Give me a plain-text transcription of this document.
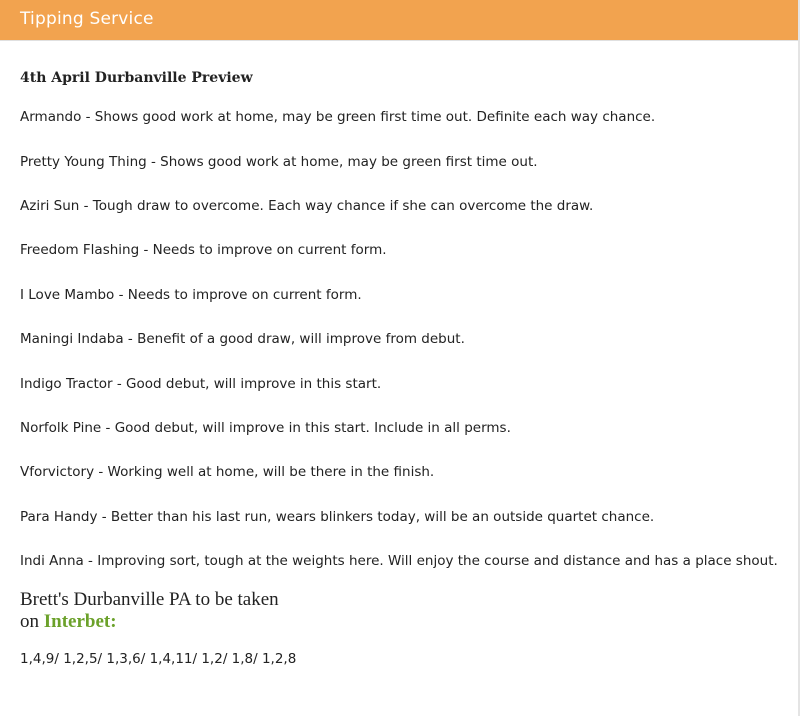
Tipping Service
4th April Durbanville Preview
Armando - Shows good work at home, may be green first time out. Definite each way chance.
Pretty Young Thing - Shows good work at home, may be green first time out.
Aziri Sun - Tough draw to overcome. Each way chance if she can overcome the draw.
Freedom Flashing - Needs to improve on current form.
I Love Mambo - Needs to improve on current form.
Maningi Indaba - Benefit of a good draw, will improve from debut.
Indigo Tractor - Good debut, will improve in this start.
Norfolk Pine - Good debut, will improve in this start. Include in all perms.
Vforvictory - Working well at home, will be there in the finish.
Para Handy - Better than his last run, wears blinkers today, will be an outside quartet chance.
Indi Anna - Improving sort, tough at the weights here. Will enjoy the course and distance and has a place shout.
Brett's Durbanville PA to be taken
on Interbet:
1,4,9/ 1,2,5/ 1,3,6/ 1,4,11/ 1,2/ 1,8/ 1,2,8
